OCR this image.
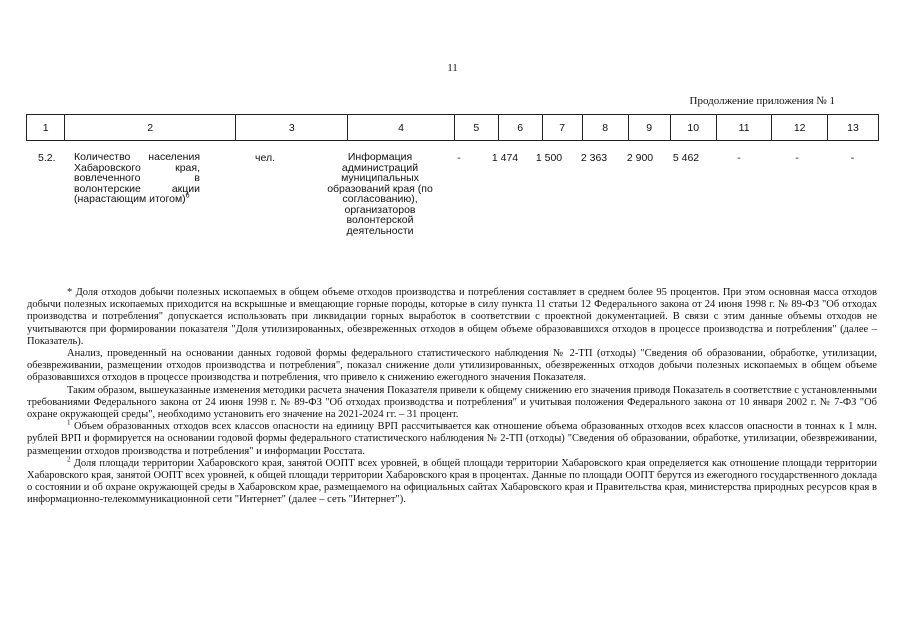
11
Продолжение приложения № 1
1	2	3	4	5	6	7	8	9	10	11	12	13
5.2.	Количество населения Хабаровского края, вовлеченного в волонтерские акции (нарастающим итогом)$^6$	чел.	Информация администраций муниципальных образований края (по согласованию), организаторов волонтерской деятельности	-	1 474	1 500	2 363	2 900	5 462	-	-	-

* Доля отходов добычи полезных ископаемых в общем объеме отходов производства и потребления составляет в среднем более 95 процентов. При этом основная масса отходов добычи полезных ископаемых приходится на вскрышные и вмещающие горные породы, которые в силу пункта 11 статьи 12 Федерального закона от 24 июня 1998 г. № 89-ФЗ "Об отходах производства и потребления" допускается использовать при ликвидации горных выработок в соответствии с проектной документацией. В связи с этим данные объемы отходов не учитываются при формировании показателя "Доля утилизированных, обезвреженных отходов в общем объеме образовавшихся отходов в процессе производства и потребления" (далее – Показатель).

Анализ, проведенный на основании данных годовой формы федерального статистического наблюдения № 2-ТП (отходы) "Сведения об образовании, обработке, утилизации, обезвреживании, размещении отходов производства и потребления", показал снижение доли утилизированных, обезвреженных отходов добычи полезных ископаемых в общем объеме образовавшихся отходов в процессе производства и потребления, что привело к снижению ежегодного значения Показателя.

Таким образом, вышеуказанные изменения методики расчета значения Показателя привели к общему снижению его значения приводя Показатель в соответствие с установленными требованиями Федерального закона от 24 июня 1998 г. № 89-ФЗ "Об отходах производства и потребления" и учитывая положения Федерального закона от 10 января 2002 г. № 7-ФЗ "Об охране окружающей среды", необходимо установить его значение на 2021-2024 гг. – 31 процент.

$^1$ Объем образованных отходов всех классов опасности на единицу ВРП рассчитывается как отношение объема образованных отходов всех классов опасности в тоннах к 1 млн. рублей ВРП и формируется на основании годовой формы федерального статистического наблюдения № 2-ТП (отходы) "Сведения об образовании, обработке, утилизации, обезвреживании, размещении отходов производства и потребления" и информации Росстата.

$^2$ Доля площади территории Хабаровского края, занятой ООПТ всех уровней, в общей площади территории Хабаровского края определяется как отношение площади территории Хабаровского края, занятой ООПТ всех уровней, к общей площади территории Хабаровского края в процентах. Данные по площади ООПТ берутся из ежегодного государственного доклада о состоянии и об охране окружающей среды в Хабаровском крае, размещаемого на официальных сайтах Хабаровского края и Правительства края, министерства природных ресурсов края в информационно-телекоммуникационной сети "Интернет" (далее – сеть "Интернет").
